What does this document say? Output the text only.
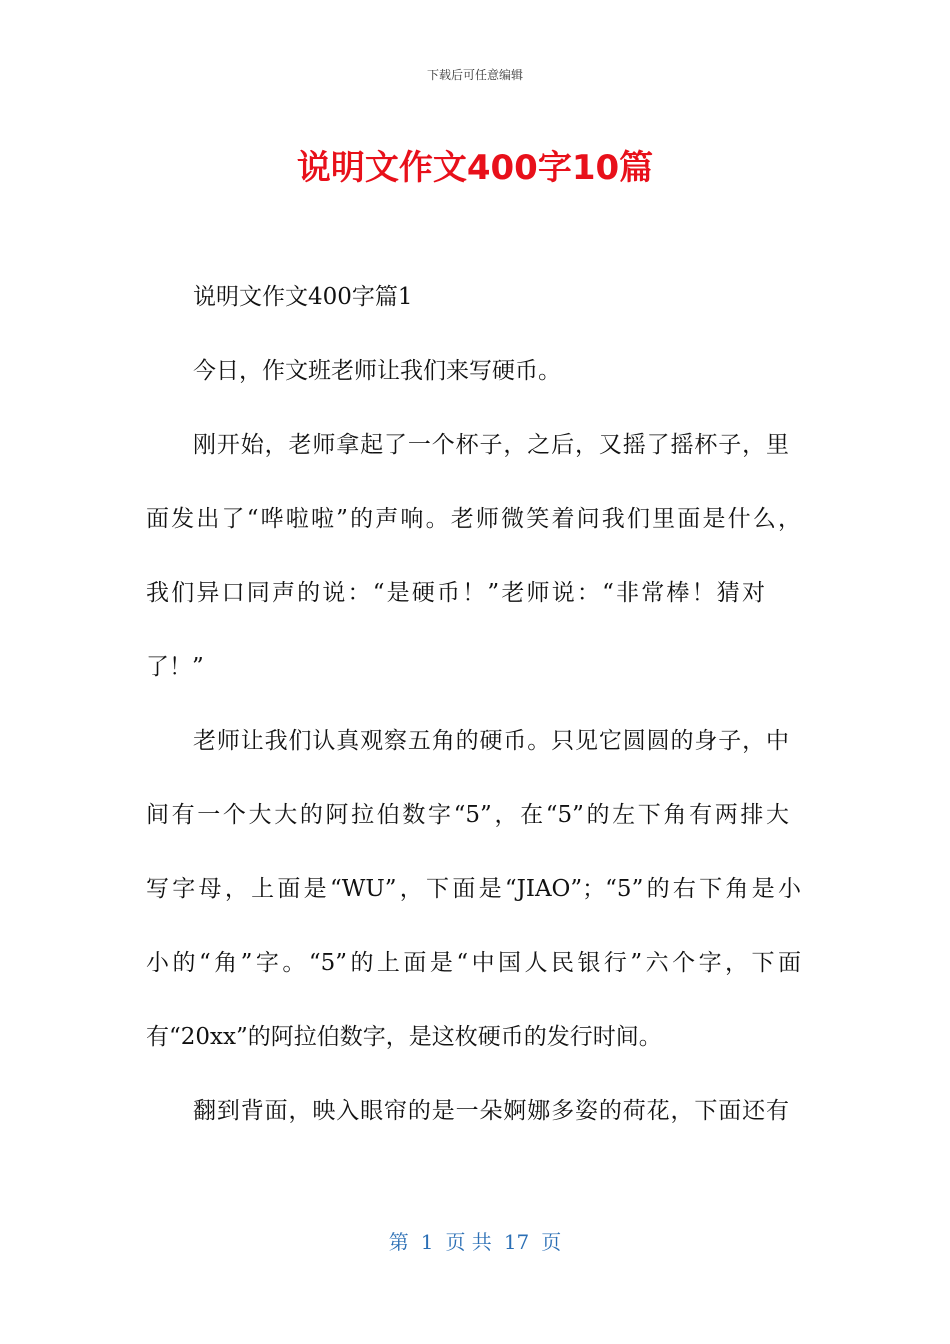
下载后可任意编辑
说明文作文400字10篇
说明文作文400字篇1
今日，作文班老师让我们来写硬币。
刚开始，老师拿起了一个杯子，之后，又摇了摇杯子，里
面发出了“哗啦啦”的声响。老师微笑着问我们里面是什么，
我们异口同声的说：“是硬币！”老师说：“非常棒！猜对
了！”
老师让我们认真观察五角的硬币。只见它圆圆的身子，中
间有一个大大的阿拉伯数字“5”，在“5”的左下角有两排大
写字母，上面是“WU”，下面是“JIAO”；“5”的右下角是小
小的“角”字。“5”的上面是“中国人民银行”六个字，下面
有“20xx”的阿拉伯数字，是这枚硬币的发行时间。
翻到背面，映入眼帘的是一朵婀娜多姿的荷花，下面还有
第 1 页 共 17 页
